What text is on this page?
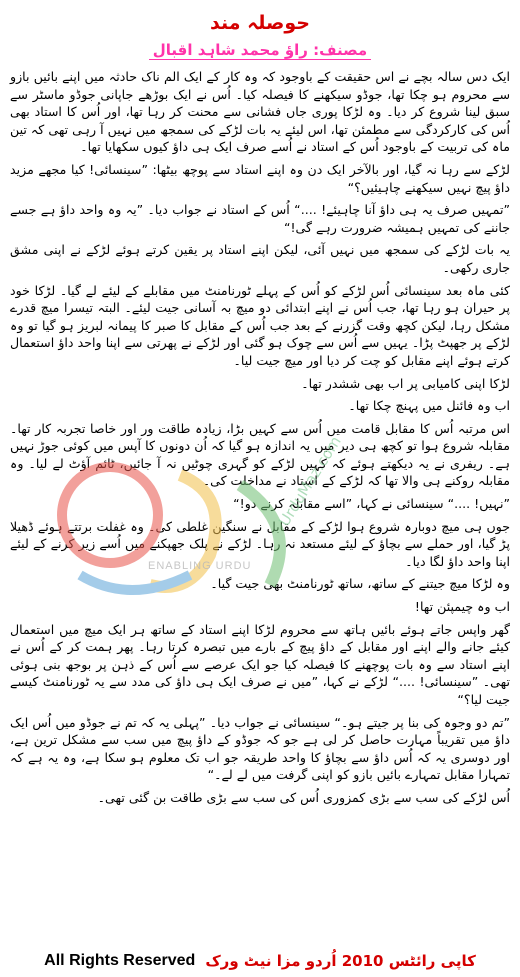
حوصلہ مند
مصنف: راؤ محمد شاہد اقبال

ایک دس سالہ بچے نے اس حقیقت کے باوجود کہ وہ کار کے ایک الم ناک حادثہ میں اپنے بائیں بازو سے محروم ہو چکا تھا، جوڈو سیکھنے کا فیصلہ کیا۔ اُس نے ایک بوڑھے جاپانی جوڈو ماسٹر سے سبق لینا شروع کر دیا۔ وہ لڑکا پوری جاں فشانی سے محنت کر رہا تھا، اور اُس کا استاد بھی اُس کی کارکردگی سے مطمئن تھا، اس لیئے یہ بات لڑکے کی سمجھ میں نہیں آ رہی تھی کہ تین ماہ کی تربیت کے باوجود اُس کے استاد نے اُسے صرف ایک ہی داؤ کیوں سکھایا تھا۔

لڑکے سے رہا نہ گیا، اور بالآخر ایک دن وہ اپنے استاد سے پوچھ بیٹھا: ”سینسائی! کیا مجھے مزید داؤ پیچ نہیں سیکھنے چاہیئیں؟“

”تمہیں صرف یہ ہی داؤ آنا چاہیئے! ....“ اُس کے استاد نے جواب دیا۔ ”یہ وہ واحد داؤ ہے جسے جاننے کی تمہیں ہمیشہ ضرورت رہے گی!“

یہ بات لڑکے کی سمجھ میں نہیں آئی، لیکن اپنے استاد پر یقین کرتے ہوئے لڑکے نے اپنی مشق جاری رکھی۔

کئی ماہ بعد سینسائی اُس لڑکے کو اُس کے پہلے ٹورنامنٹ میں مقابلے کے لیئے لے گیا۔ لڑکا خود پر حیران ہو رہا تھا، جب اُس نے اپنے ابتدائی دو میچ بہ آسانی جیت لیئے۔ البتہ تیسرا میچ قدرے مشکل رہا، لیکن کچھ وقت گزرنے کے بعد جب اُس کے مقابل کا صبر کا پیمانہ لبریز ہو گیا تو وہ لڑکے پر جھپٹ پڑا۔ یہیں سے اُس سے چوک ہو گئی اور لڑکے نے پھرتی سے اپنا واحد داؤ استعمال کرتے ہوئے اپنے مقابل کو چت کر دیا اور میچ جیت لیا۔

لڑکا اپنی کامیابی پر اب بھی ششدر تھا۔

اب وہ فائنل میں پہنچ چکا تھا۔

اس مرتبہ اُس کا مقابل قامت میں اُس سے کہیں بڑا، زیادہ طاقت ور اور خاصا تجربہ کار تھا۔ مقابلہ شروع ہوا تو کچھ ہی دیر میں یہ اندازہ ہو گیا کہ اُن دونوں کا آپس میں کوئی جوڑ نہیں ہے۔ ریفری نے یہ دیکھتے ہوئے کہ کہیں لڑکے کو گہری چوٹیں نہ آ جائیں، ٹائم آؤٹ لے لیا۔ وہ مقابلہ روکنے ہی والا تھا کہ لڑکے کے استاد نے مداخلت کی۔

”نہیں! ....“ سینسائی نے کہا، ”اسے مقابلہ کرنے دو!“

جوں ہی میچ دوبارہ شروع ہوا لڑکے کے مقابل نے سنگین غلطی کی۔ وہ غفلت برتتے ہوئے ڈھیلا پڑ گیا، اور حملے سے بچاؤ کے لیئے مستعد نہ رہا۔ لڑکے نے پلک جھپکنے میں اُسے زیر کرنے کے لیئے اپنا واحد داؤ لگا دیا۔

وہ لڑکا میچ جیتنے کے ساتھ، ساتھ ٹورنامنٹ بھی جیت گیا۔

اب وہ چیمپئن تھا!

گھر واپس جاتے ہوئے بائیں ہاتھ سے محروم لڑکا اپنے استاد کے ساتھ ہر ایک میچ میں استعمال کیئے جانے والے اپنے اور مقابل کے داؤ پیچ کے بارے میں تبصرہ کرتا رہا۔ پھر ہمت کر کے اُس نے اپنے استاد سے وہ بات پوچھنے کا فیصلہ کیا جو ایک عرصے سے اُس کے ذہن پر بوجھ بنی ہوئی تھی۔ ”سینسائی! ....“ لڑکے نے کہا، ”میں نے صرف ایک ہی داؤ کی مدد سے یہ ٹورنامنٹ کیسے جیت لیا؟“

”تم دو وجوہ کی بنا پر جیتے ہو۔“ سینسائی نے جواب دیا۔ ”پہلی یہ کہ تم نے جوڈو میں اُس ایک داؤ میں تقریباً مہارت حاصل کر لی ہے جو کہ جوڈو کے داؤ پیچ میں سب سے مشکل ترین ہے، اور دوسری یہ کہ اُس داؤ سے بچاؤ کا واحد طریقہ جو اب تک معلوم ہو سکا ہے، وہ یہ ہے کہ تمہارا مقابل تمہارے بائیں بازو کو اپنی گرفت میں لے لے۔“

اُس لڑکے کی سب سے بڑی کمزوری اُس کی سب سے بڑی طاقت بن گئی تھی۔

UrduMaz.com
ENABLING URDU
All Rights Reserved کاپی رائٹس 2010 اُردو مزا نیٹ ورک
